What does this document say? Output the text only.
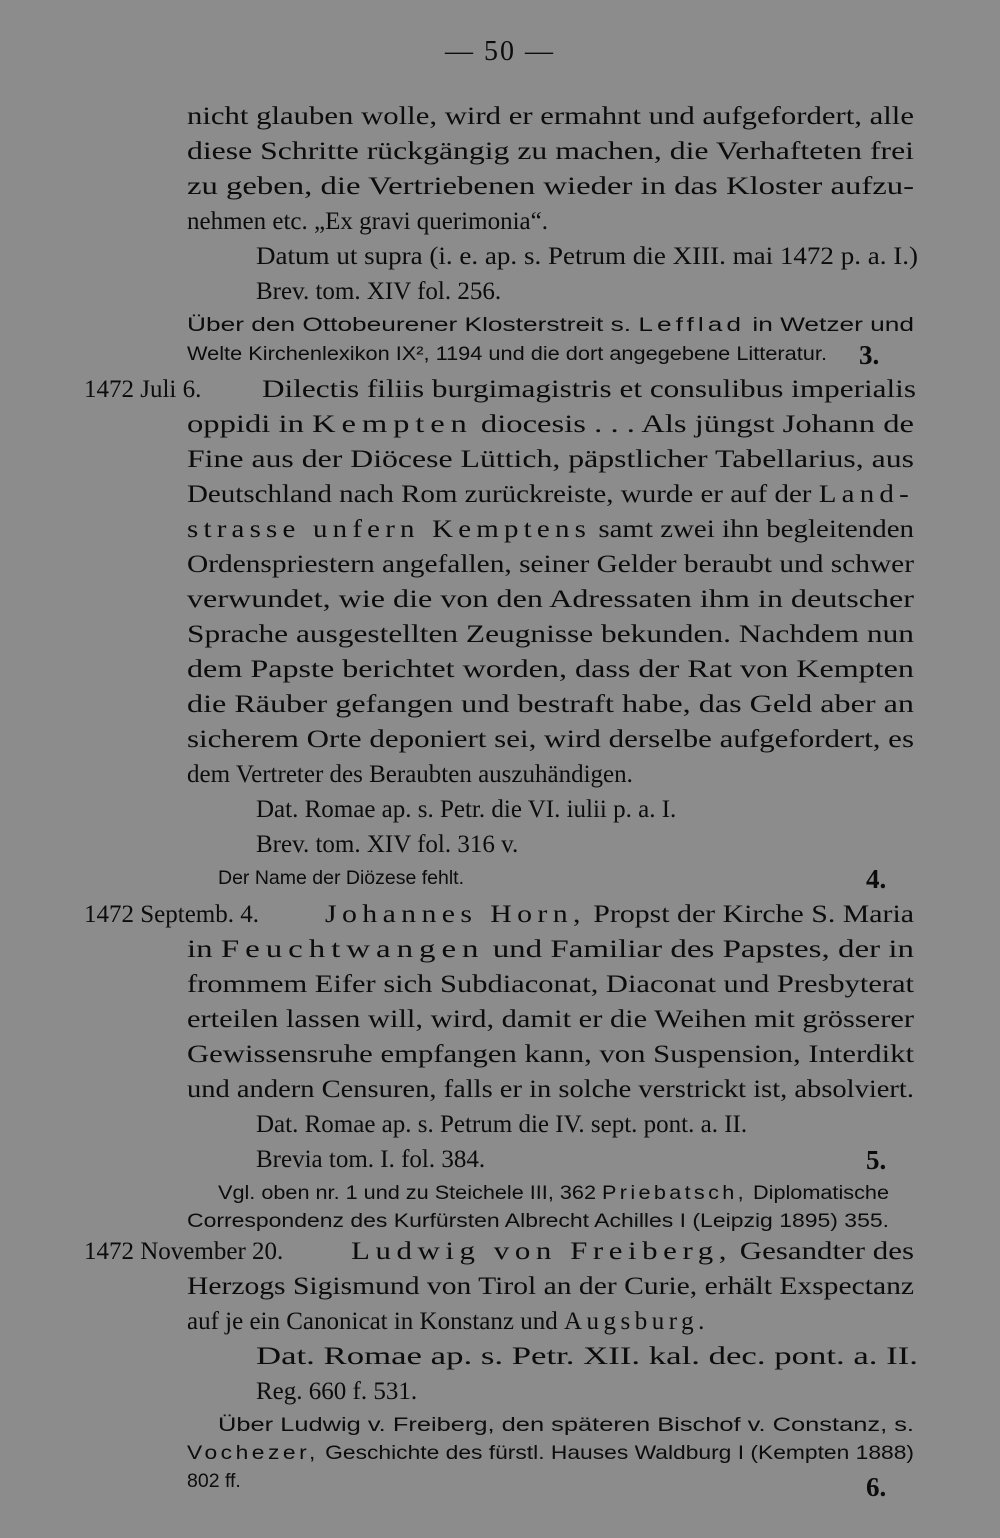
— 50 —
nicht glauben wolle, wird er ermahnt und aufgefordert, alle
diese Schritte rückgängig zu machen, die Verhafteten frei
zu geben, die Vertriebenen wieder in das Kloster aufzu-
nehmen etc. „Ex gravi querimonia“.
Datum ut supra (i. e. ap. s. Petrum die XIII. mai 1472 p. a. I.)
Brev. tom. XIV fol. 256.
Über den Ottobeurener Klosterstreit s. Lefflad in Wetzer und
Welte Kirchenlexikon IX², 1194 und die dort angegebene Litteratur. 3.
1472 Juli 6. Dilectis filiis burgimagistris et consulibus imperialis
oppidi in Kempten diocesis . . . Als jüngst Johann de
Fine aus der Diöcese Lüttich, päpstlicher Tabellarius, aus
Deutschland nach Rom zurückreiste, wurde er auf der Land-
strasse unfern Kemptens samt zwei ihn begleitenden
Ordenspriestern angefallen, seiner Gelder beraubt und schwer
verwundet, wie die von den Adressaten ihm in deutscher
Sprache ausgestellten Zeugnisse bekunden. Nachdem nun
dem Papste berichtet worden, dass der Rat von Kempten
die Räuber gefangen und bestraft habe, das Geld aber an
sicherem Orte deponiert sei, wird derselbe aufgefordert, es
dem Vertreter des Beraubten auszuhändigen.
Dat. Romae ap. s. Petr. die VI. iulii p. a. I.
Brev. tom. XIV fol. 316 v.
Der Name der Diözese fehlt.	4.
1472 Septemb. 4.	Johannes Horn, Propst der Kirche S. Maria
in Feuchtwangen und Familiar des Papstes, der in
frommem Eifer sich Subdiaconat, Diaconat und Presbyterat
erteilen lassen will, wird, damit er die Weihen mit grösserer
Gewissensruhe empfangen kann, von Suspension, Interdikt
und andern Censuren, falls er in solche verstrickt ist, absolviert.
Dat. Romae ap. s. Petrum die IV. sept. pont. a. II.
Brevia tom. I. fol. 384.	5.
Vgl. oben nr. 1 und zu Steichele III, 362 Priebatsch, Diplomatische
Correspondenz des Kurfürsten Albrecht Achilles I (Leipzig 1895) 355.
1472 November 20.	Ludwig von Freiberg, Gesandter des
Herzogs Sigismund von Tirol an der Curie, erhält Exspectanz
auf je ein Canonicat in Konstanz und Augsburg.
Dat. Romae ap. s. Petr. XII. kal. dec. pont. a. II.
Reg. 660 f. 531.
Über Ludwig v. Freiberg, den späteren Bischof v. Constanz, s.
Vochezer, Geschichte des fürstl. Hauses Waldburg I (Kempten 1888)
802 ff.	6.
